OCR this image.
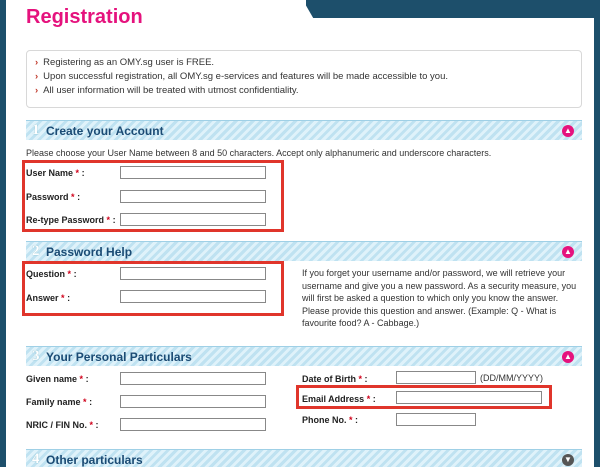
Registration
› Registering as an OMY.sg user is FREE.
› Upon successful registration, all OMY.sg e-services and features will be made accessible to you.
› All user information will be treated with utmost confidentiality.
1 Create your Account	▲
Please choose your User Name between 8 and 50 characters. Accept only alphanumeric and underscore characters.
User Name * :
Password * :
Re-type Password * :
2 Password Help	▲
Question * :
Answer * :
If you forget your username and/or password, we will retrieve your username and give you a new password. As a security measure, you will first be asked a question to which only you know the answer. Please provide this question and answer. (Example: Q - What is favourite food? A - Cabbage.)
3 Your Personal Particulars	▲
Given name * :
Family name * :
NRIC / FIN No. * :
Date of Birth * :	(DD/MM/YYYY)
Email Address * :
Phone No. * :
4 Other particulars	▼
